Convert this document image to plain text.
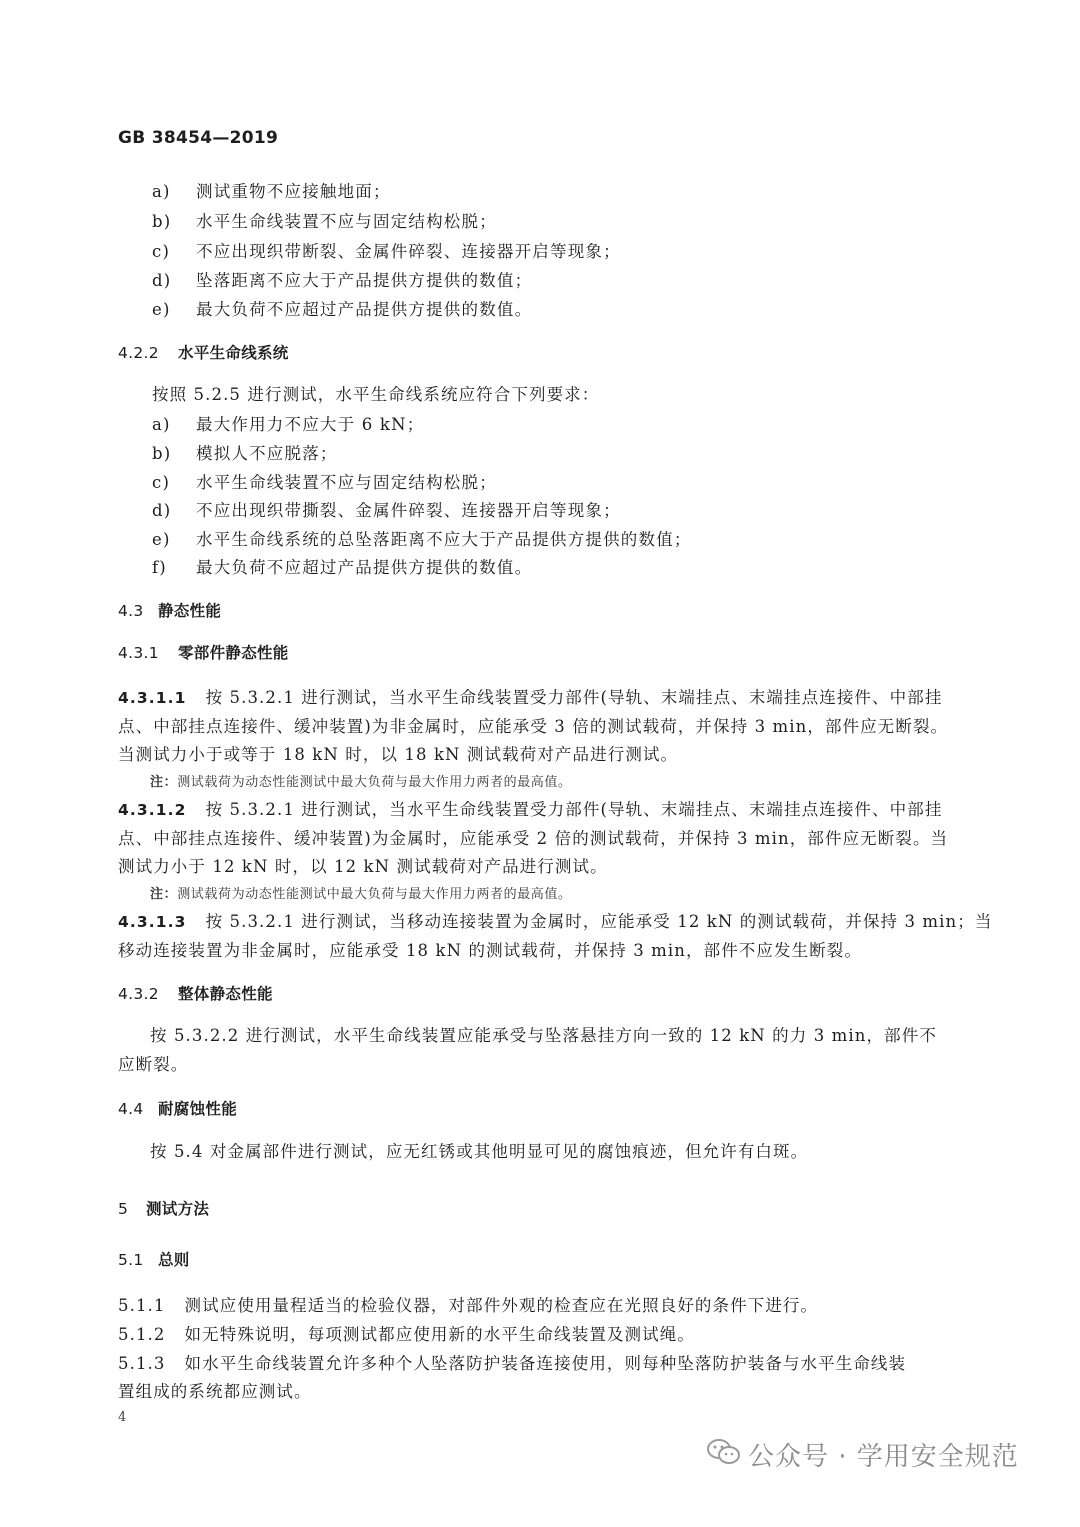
GB 38454—2019
a) 测试重物不应接触地面；
b) 水平生命线装置不应与固定结构松脱；
c) 不应出现织带断裂、金属件碎裂、连接器开启等现象；
d) 坠落距离不应大于产品提供方提供的数值；
e) 最大负荷不应超过产品提供方提供的数值。
4.2.2 水平生命线系统
按照 5.2.5 进行测试，水平生命线系统应符合下列要求：
a) 最大作用力不应大于 6 kN；
b) 模拟人不应脱落；
c) 水平生命线装置不应与固定结构松脱；
d) 不应出现织带撕裂、金属件碎裂、连接器开启等现象；
e) 水平生命线系统的总坠落距离不应大于产品提供方提供的数值；
f) 最大负荷不应超过产品提供方提供的数值。
4.3 静态性能
4.3.1 零部件静态性能
4.3.1.1 按 5.3.2.1 进行测试，当水平生命线装置受力部件(导轨、末端挂点、末端挂点连接件、中部挂
点、中部挂点连接件、缓冲装置)为非金属时，应能承受 3 倍的测试载荷，并保持 3 min，部件应无断裂。
当测试力小于或等于 18 kN 时，以 18 kN 测试载荷对产品进行测试。
注：测试载荷为动态性能测试中最大负荷与最大作用力两者的最高值。
4.3.1.2 按 5.3.2.1 进行测试，当水平生命线装置受力部件(导轨、末端挂点、末端挂点连接件、中部挂
点、中部挂点连接件、缓冲装置)为金属时，应能承受 2 倍的测试载荷，并保持 3 min，部件应无断裂。当
测试力小于 12 kN 时，以 12 kN 测试载荷对产品进行测试。
注：测试载荷为动态性能测试中最大负荷与最大作用力两者的最高值。
4.3.1.3 按 5.3.2.1 进行测试，当移动连接装置为金属时，应能承受 12 kN 的测试载荷，并保持 3 min；当
移动连接装置为非金属时，应能承受 18 kN 的测试载荷，并保持 3 min，部件不应发生断裂。
4.3.2 整体静态性能
按 5.3.2.2 进行测试，水平生命线装置应能承受与坠落悬挂方向一致的 12 kN 的力 3 min，部件不
应断裂。
4.4 耐腐蚀性能
按 5.4 对金属部件进行测试，应无红锈或其他明显可见的腐蚀痕迹，但允许有白斑。
5 测试方法
5.1 总则
5.1.1 测试应使用量程适当的检验仪器，对部件外观的检查应在光照良好的条件下进行。
5.1.2 如无特殊说明，每项测试都应使用新的水平生命线装置及测试绳。
5.1.3 如水平生命线装置允许多种个人坠落防护装备连接使用，则每种坠落防护装备与水平生命线装
置组成的系统都应测试。
4
公众号 · 学用安全规范
